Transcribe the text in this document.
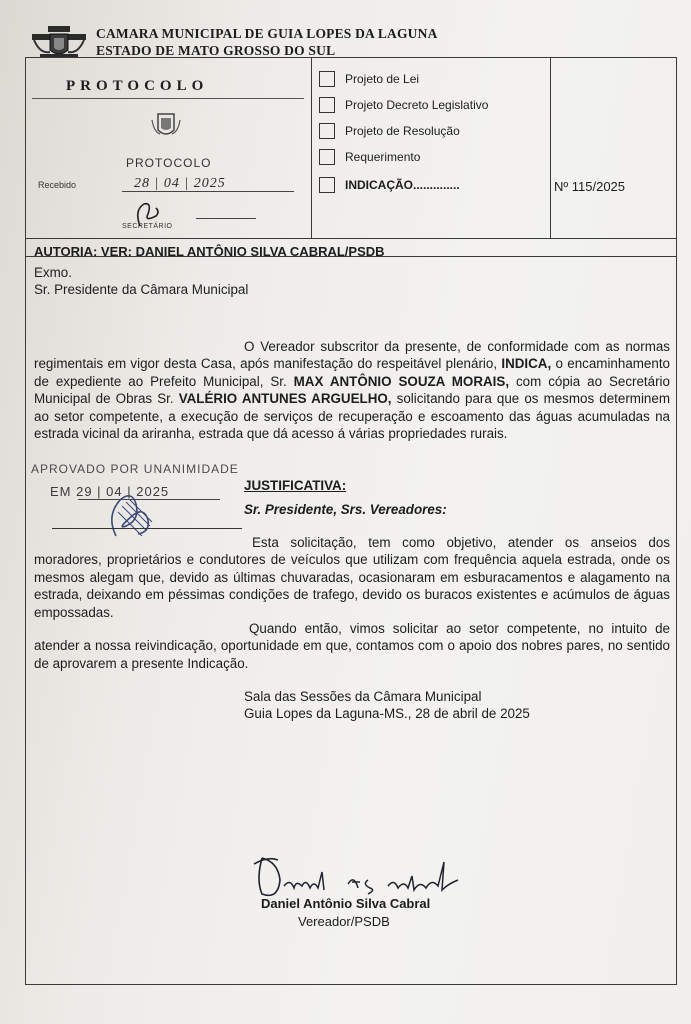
CAMARA MUNICIPAL DE GUIA LOPES DA LAGUNA
ESTADO DE MATO GROSSO DO SUL
PROTOCOLO
PROTOCOLO
Recebido	28 | 04 | 2025
SECRETÁRIO
Projeto de Lei
Projeto Decreto Legislativo
Projeto de Resolução
Requerimento
INDICAÇÃO..............	Nº 115/2025
AUTORIA: VER: DANIEL ANTÔNIO SILVA CABRAL/PSDB
Exmo.
Sr. Presidente da Câmara Municipal
O Vereador subscritor da presente, de conformidade com as normas regimentais em vigor desta Casa, após manifestação do respeitável plenário, INDICA, o encaminhamento de expediente ao Prefeito Municipal, Sr. MAX ANTÔNIO SOUZA MORAIS, com cópia ao Secretário Municipal de Obras Sr. VALÉRIO ANTUNES ARGUELHO, solicitando para que os mesmos determinem ao setor competente, a execução de serviços de recuperação e escoamento das águas acumuladas na estrada vicinal da ariranha, estrada que dá acesso á várias propriedades rurais.
APROVADO POR UNANIMIDADE
EM 29 | 04 | 2025	JUSTIFICATIVA:
Sr. Presidente, Srs. Vereadores:
Esta solicitação, tem como objetivo, atender os anseios dos moradores, proprietários e condutores de veículos que utilizam com frequência aquela estrada, onde os mesmos alegam que, devido as últimas chuvaradas, ocasionaram em esburacamentos e alagamento na estrada, deixando em péssimas condições de trafego, devido os buracos existentes e acúmulos de águas empossadas.
Quando então, vimos solicitar ao setor competente, no intuito de atender a nossa reivindicação, oportunidade em que, contamos com o apoio dos nobres pares, no sentido de aprovarem a presente Indicação.
Sala das Sessões da Câmara Municipal
Guia Lopes da Laguna-MS., 28 de abril de 2025
Daniel Antônio Silva Cabral
Vereador/PSDB
